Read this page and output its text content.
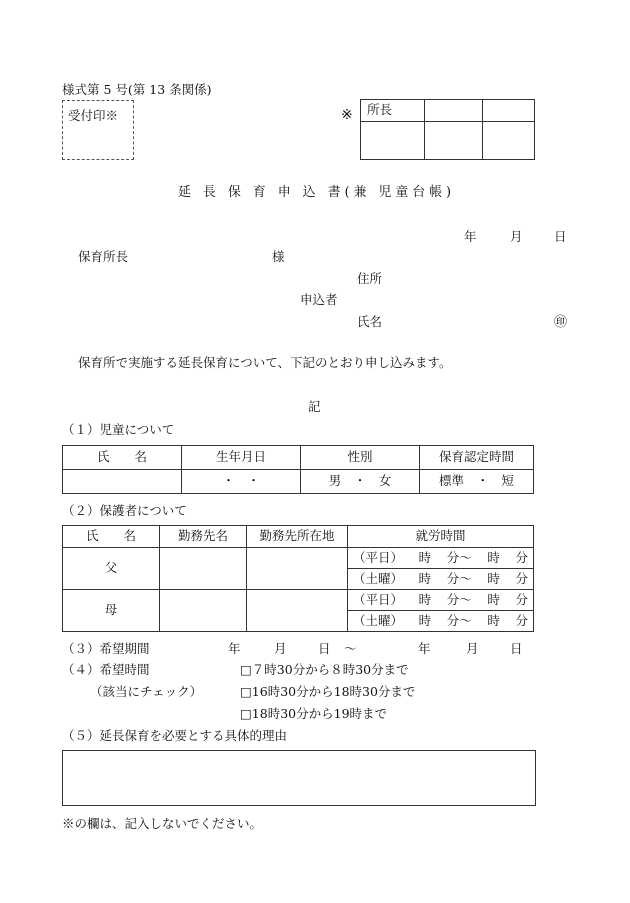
様式第 5 号(第 13 条関係)
受付印※	※ 所長		

延 長 保 育 申 込 書(兼 児童台帳)
年	月	日
保育所長	様
住所
申込者
氏名	㊞
保育所で実施する延長保育について、下記のとおり申し込みます。
記
（１）児童について
氏　　名	生年月日	性別	保育認定時間
	・　・	男　・　女	標準　・　短
（２）保護者について
氏　　名	勤務先名	勤務先所在地	就労時間
父			（平日） 時 分～ 時 分

			（土曜） 時 分～ 時 分

母			（平日） 時 分～ 時 分

			（土曜） 時 分～ 時 分
（３）希望期間	年	月	日 ～	年	月	日
（４）希望時間
（該当にチェック）
□７時30分から８時30分まで
□16時30分から18時30分まで
□18時30分から19時まで
（５）延長保育を必要とする具体的理由
※の欄は、記入しないでください。
